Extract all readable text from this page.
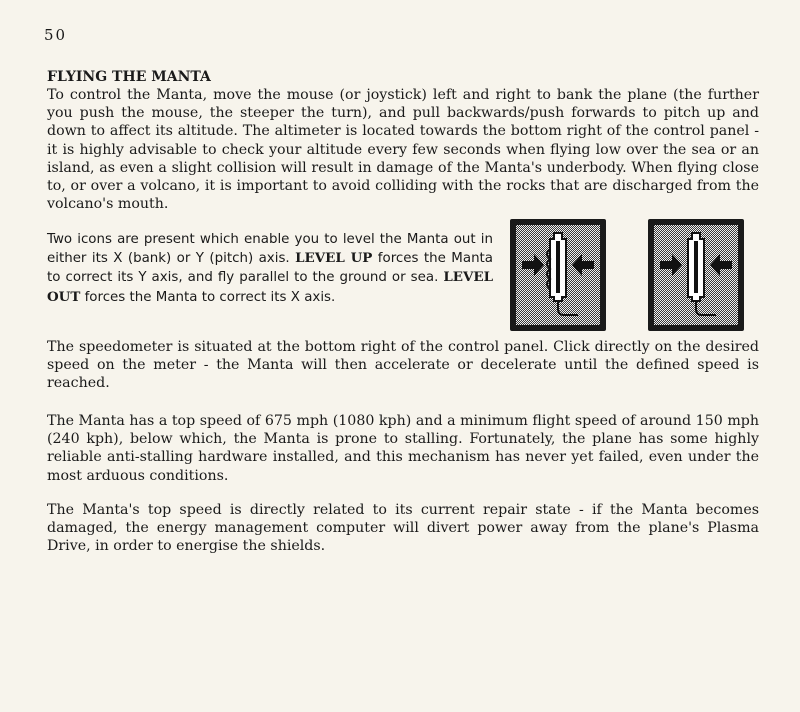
50
FLYING THE MANTA

To control the Manta, move the mouse (or joystick) left and right to bank the plane (the further you push the mouse, the steeper the turn), and pull backwards/push forwards to pitch up and down to affect its altitude. The altimeter is located towards the bottom right of the control panel - it is highly advisable to check your altitude every few seconds when flying low over the sea or an island, as even a slight collision will result in damage of the Manta's underbody. When flying close to, or over a volcano, it is important to avoid colliding with the rocks that are discharged from the volcano's mouth.

Two icons are present which enable you to level the Manta out in either its X (bank) or Y (pitch) axis. LEVEL UP forces the Manta to correct its Y axis, and fly parallel to the ground or sea. LEVEL OUT forces the Manta to correct its X axis.

The speedometer is situated at the bottom right of the control panel. Click directly on the desired speed on the meter - the Manta will then accelerate or decelerate until the defined speed is reached.

The Manta has a top speed of 675 mph (1080 kph) and a minimum flight speed of around 150 mph (240 kph), below which, the Manta is prone to stalling. Fortunately, the plane has some highly reliable anti-stalling hardware installed, and this mechanism has never yet failed, even under the most arduous conditions.

The Manta's top speed is directly related to its current repair state - if the Manta becomes damaged, the energy management computer will divert power away from the plane's Plasma Drive, in order to energise the shields.
